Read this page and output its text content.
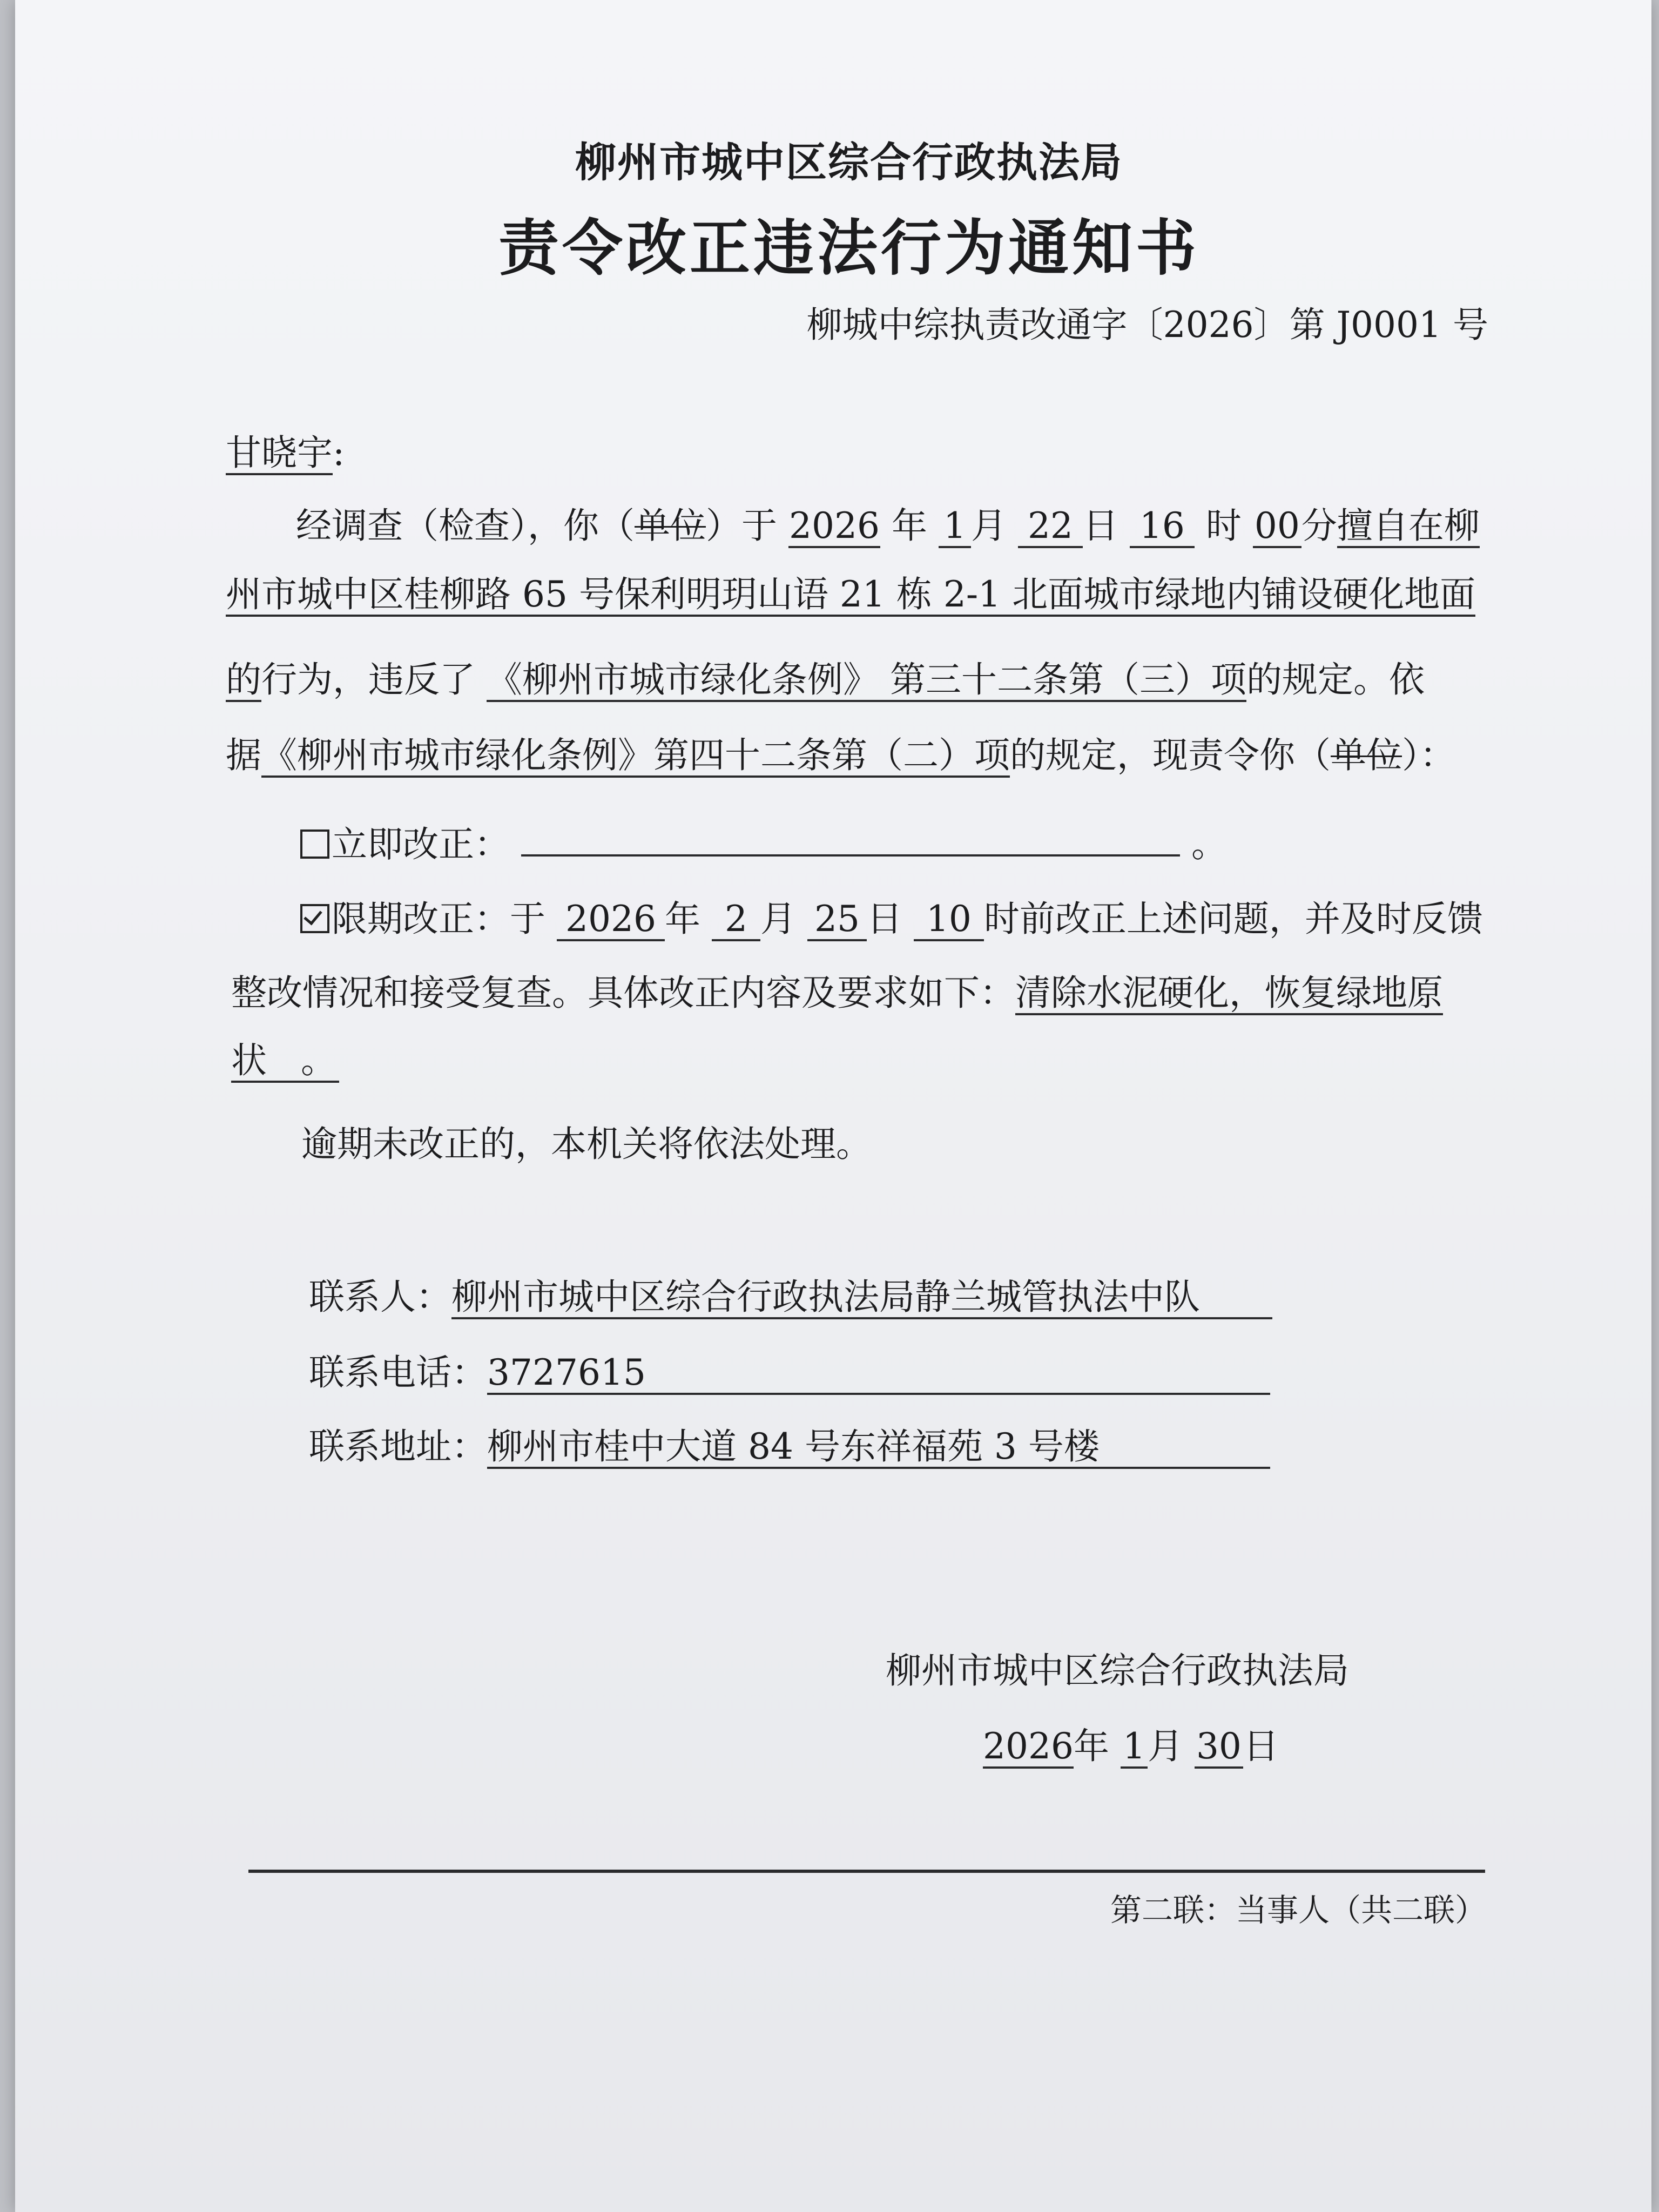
柳州市城中区综合行政执法局
责令改正违法行为通知书
柳城中综执责改通字〔2026〕第 J0001 号
甘晓宇:
经调查（检查），你（单位）于 2026 年 1 月 22 日 16 时 00分擅自在柳
州市城中区桂柳路 65 号保利明玥山语 21 栋 2-1 北面城市绿地内铺设硬化地面
的行为，违反了 《柳州市城市绿化条例》 第三十二条第（三）项的规定。依
据《柳州市城市绿化条例》第四十二条第（二）项的规定，现责令你（单位）：
立即改正：	。
限期改正：于 2026 年 2 月 25 日 10 时前改正上述问题，并及时反馈
整改情况和接受复查。具体改正内容及要求如下：清除水泥硬化，恢复绿地原
状 。
逾期未改正的，本机关将依法处理。
联系人：柳州市城中区综合行政执法局静兰城管执法中队
联系电话：3727615
联系地址：柳州市桂中大道 84 号东祥福苑 3 号楼
柳州市城中区综合行政执法局
2026年 1月 30日
第二联：当事人（共二联）
